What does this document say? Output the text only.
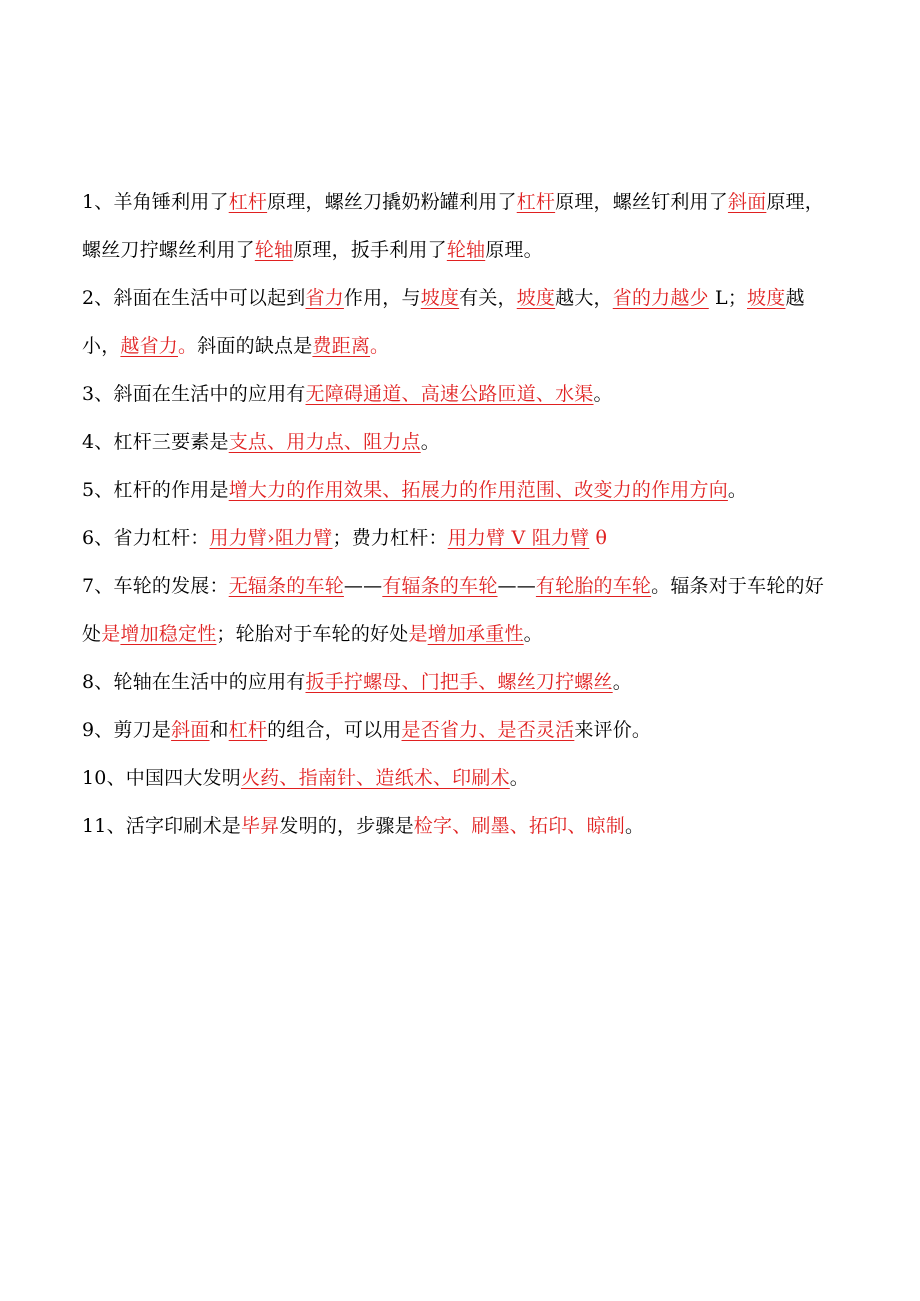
1、羊角锤利用了杠杆原理，螺丝刀撬奶粉罐利用了杠杆原理，螺丝钉利用了斜面原理，螺丝刀拧螺丝利用了轮轴原理，扳手利用了轮轴原理。

2、斜面在生活中可以起到省力作用，与坡度有关，坡度越大，省的力越少 L；坡度越小，越省力。斜面的缺点是费距离。

3、斜面在生活中的应用有无障碍通道、高速公路匝道、水渠。

4、杠杆三要素是支点、用力点、阻力点。

5、杠杆的作用是增大力的作用效果、拓展力的作用范围、改变力的作用方向。

6、省力杠杆：用力臂›阻力臂；费力杠杆：用力臂 V 阻力臂 θ

7、车轮的发展：无辐条的车轮——有辐条的车轮——有轮胎的车轮。辐条对于车轮的好处是增加稳定性；轮胎对于车轮的好处是增加承重性。

8、轮轴在生活中的应用有扳手拧螺母、门把手、螺丝刀拧螺丝。

9、剪刀是斜面和杠杆的组合，可以用是否省力、是否灵活来评价。

10、中国四大发明火药、指南针、造纸术、印刷术。

11、活字印刷术是毕昇发明的，步骤是检字、刷墨、拓印、晾制。
